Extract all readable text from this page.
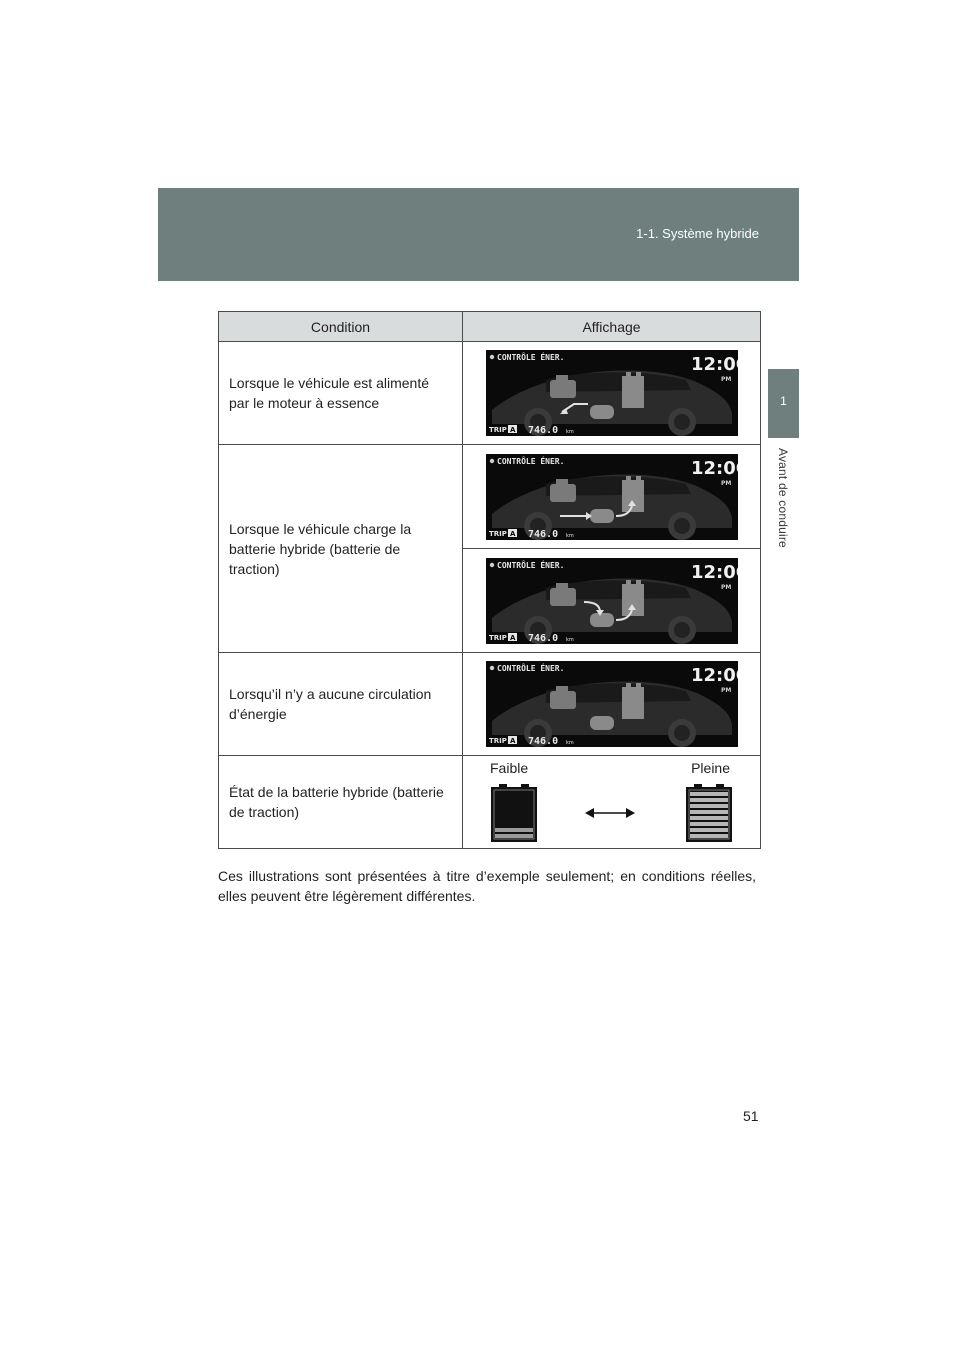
1-1. Système hybride
1
Avant de conduire
Condition	Affichage
Lorsque le véhicule est alimenté par le moteur à essence	

Lorsque le véhicule charge la batterie hybride (batterie de traction)	

Lorsqu’il n’y a aucune circulation d’énergie	

État de la batterie hybride (batterie de traction)	Faible Pleine
Ces illustrations sont présentées à titre d’exemple seulement; en conditions réelles, elles peuvent être légèrement différentes.
51
